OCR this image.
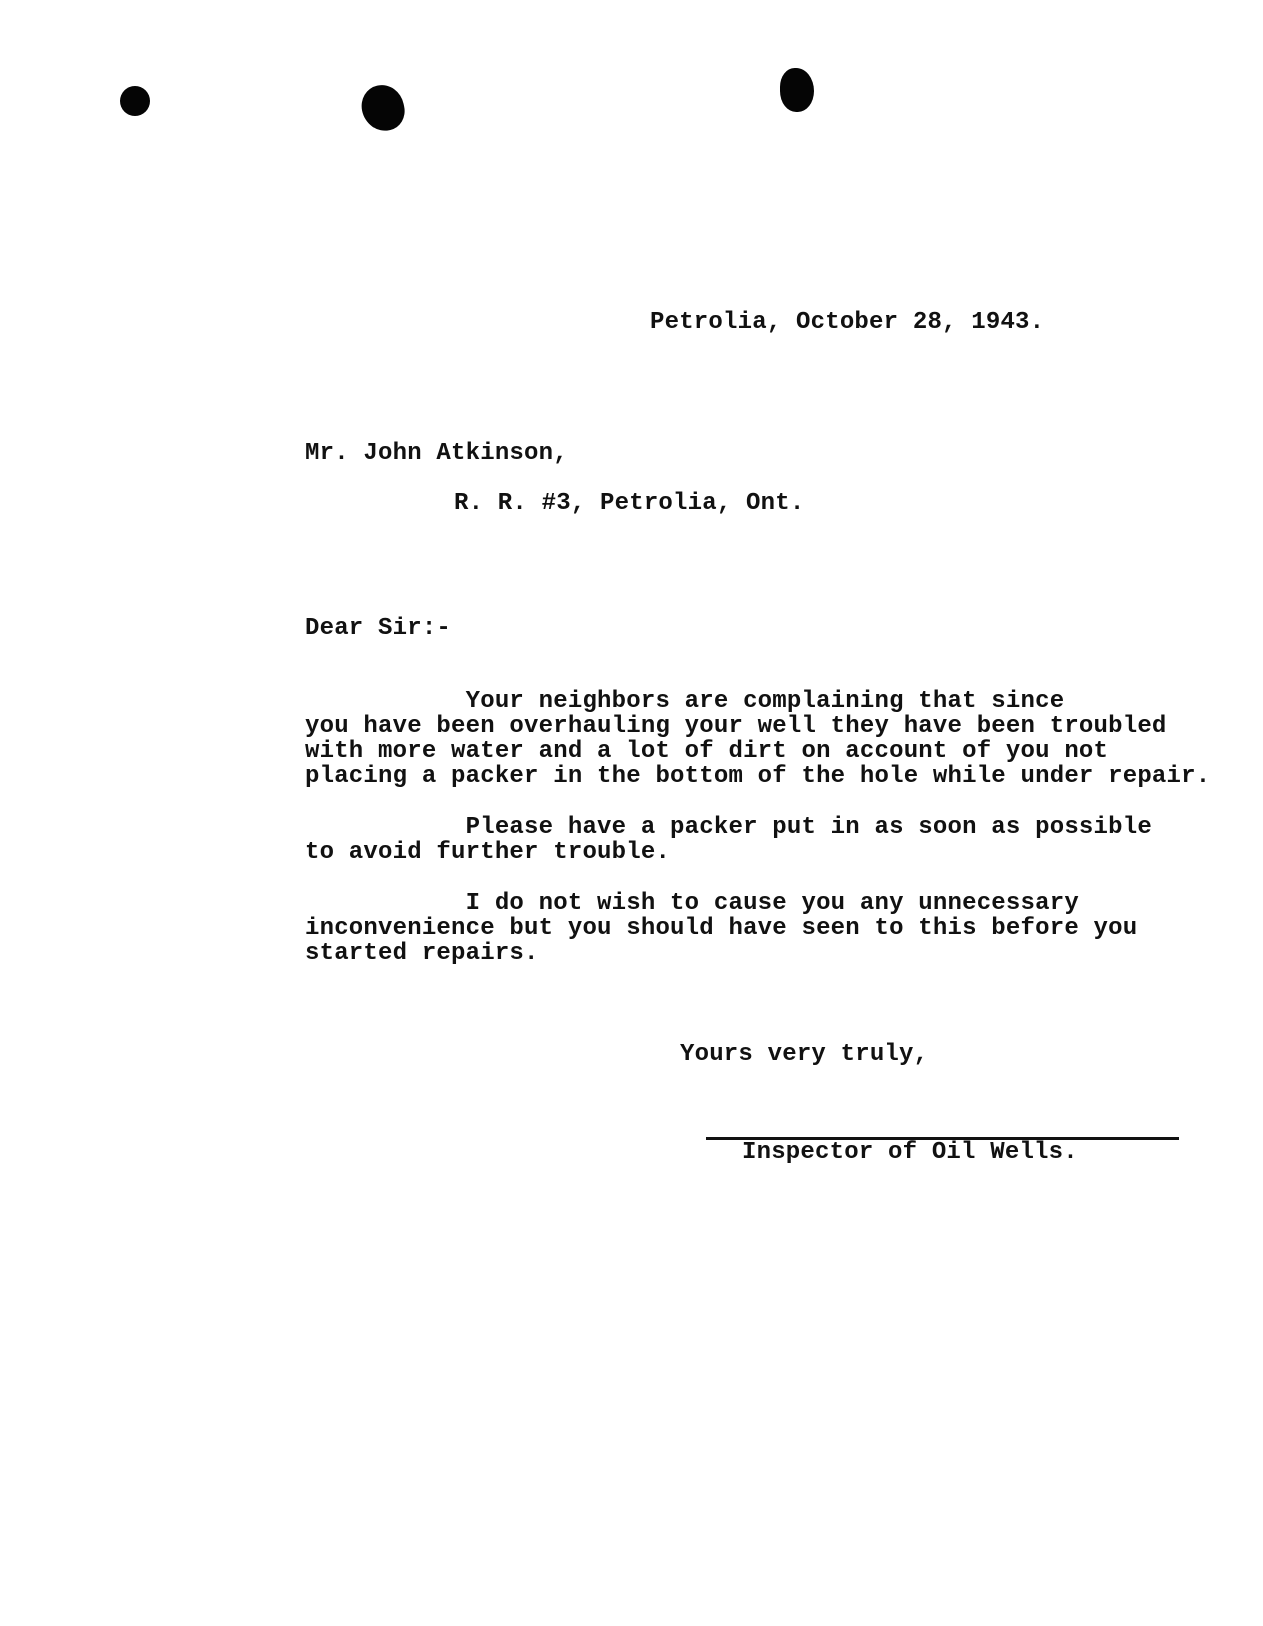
Petrolia, October 28, 1943.
Mr. John Atkinson,
R. R. #3, Petrolia, Ont.
Dear Sir:-

Your neighbors are complaining that since
you have been overhauling your well they have been troubled
with more water and a lot of dirt on account of you not
placing a packer in the bottom of the hole while under repair.

Please have a packer put in as soon as possible
to avoid further trouble.

I do not wish to cause you any unnecessary
inconvenience but you should have seen to this before you
started repairs.

Yours very truly,
Inspector of Oil Wells.
